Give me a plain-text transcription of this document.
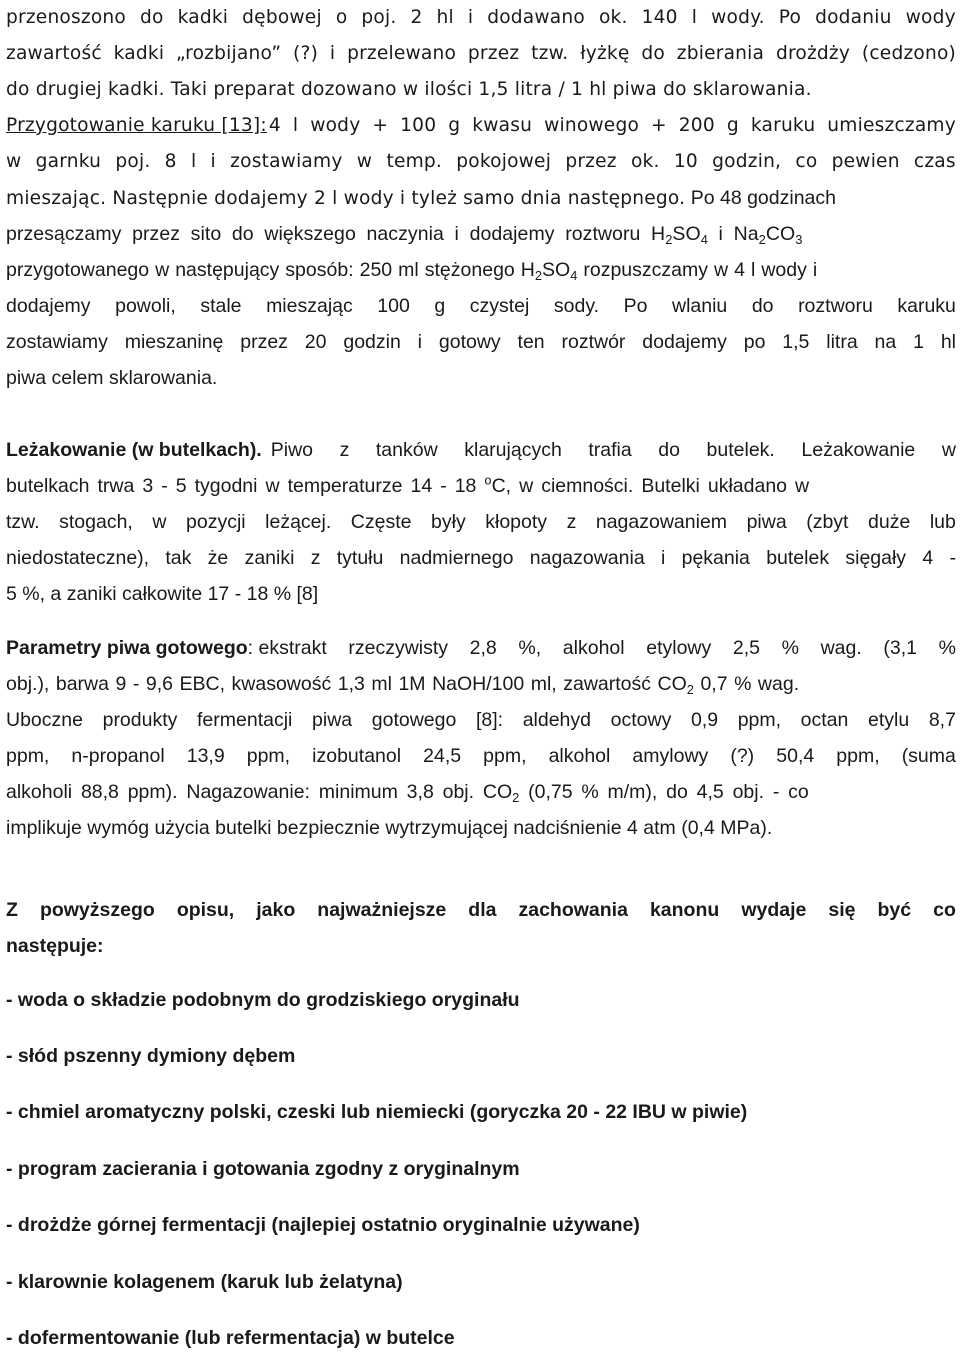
przenoszono do kadki dębowej o poj. 2 hl i dodawano ok. 140 l wody. Po dodaniu wody
zawartość kadki „rozbijano” (?) i przelewano przez tzw. łyżkę do zbierania drożdży (cedzono)
do drugiej kadki. Taki preparat dozowano w ilości 1,5 litra / 1 hl piwa do sklarowania.
Przygotowanie karuku [13]: 4 l wody + 100 g kwasu winowego + 200 g karuku umieszczamy
w garnku poj. 8 l i zostawiamy w temp. pokojowej przez ok. 10 godzin, co pewien czas
mieszając. Następnie dodajemy 2 l wody i tyleż samo dnia następnego. Po 48 godzinach
przesączamy przez sito do większego naczynia i dodajemy roztworu $H_2SO_4$ i $Na_2CO_3$
przygotowanego w następujący sposób: 250 ml stężonego $H_2SO_4$ rozpuszczamy w 4 l wody i
dodajemy powoli, stale mieszając 100 g czystej sody. Po wlaniu do roztworu karuku
zostawiamy mieszaninę przez 20 godzin i gotowy ten roztwór dodajemy po 1,5 litra na 1 hl
piwa celem sklarowania.
Leżakowanie (w butelkach). Piwo z tanków klarujących trafia do butelek. Leżakowanie w
butelkach trwa 3 - 5 tygodni w temperaturze 14 - 18 $^o$C, w ciemności. Butelki układano w
tzw. stogach, w pozycji leżącej. Częste były kłopoty z nagazowaniem piwa (zbyt duże lub
niedostateczne), tak że zaniki z tytułu nadmiernego nagazowania i pękania butelek sięgały 4 -
5 %, a zaniki całkowite 17 - 18 % [8]
Parametry piwa gotowego : ekstrakt rzeczywisty 2,8 %, alkohol etylowy 2,5 % wag. (3,1 %
obj.), barwa 9 - 9,6 EBC, kwasowość 1,3 ml 1M NaOH/100 ml, zawartość $CO_2$ 0,7 % wag.
Uboczne produkty fermentacji piwa gotowego [8]: aldehyd octowy 0,9 ppm, octan etylu 8,7
ppm, n-propanol 13,9 ppm, izobutanol 24,5 ppm, alkohol amylowy (?) 50,4 ppm, (suma
alkoholi 88,8 ppm). Nagazowanie: minimum 3,8 obj. $CO_2$ (0,75 % m/m), do 4,5 obj. - co
implikuje wymóg użycia butelki bezpiecznie wytrzymującej nadciśnienie 4 atm (0,4 MPa).
Z powyższego opisu, jako najważniejsze dla zachowania kanonu wydaje się być co
następuje:
- woda o składzie podobnym do grodziskiego oryginału
- słód pszenny dymiony dębem
- chmiel aromatyczny polski, czeski lub niemiecki (goryczka 20 - 22 IBU w piwie)
- program zacierania i gotowania zgodny z oryginalnym
- drożdże górnej fermentacji (najlepiej ostatnio oryginalnie używane)
- klarownie kolagenem (karuk lub żelatyna)
- dofermentowanie (lub refermentacja) w butelce
